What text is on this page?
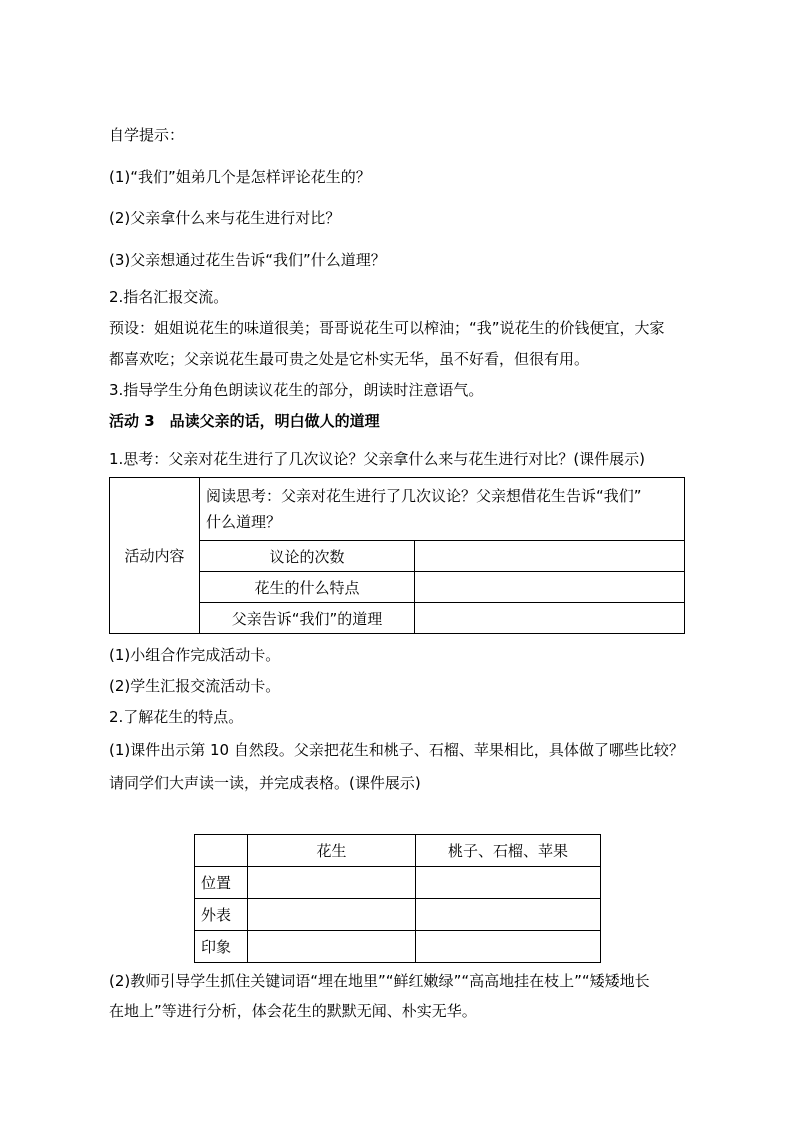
自学提示：
(1)“我们”姐弟几个是怎样评论花生的？
(2)父亲拿什么来与花生进行对比？
(3)父亲想通过花生告诉“我们”什么道理？
2.指名汇报交流。
预设：姐姐说花生的味道很美；哥哥说花生可以榨油；“我”说花生的价钱便宜，大家
都喜欢吃；父亲说花生最可贵之处是它朴实无华，虽不好看，但很有用。
3.指导学生分角色朗读议花生的部分，朗读时注意语气。
活动 3　品读父亲的话，明白做人的道理
1.思考：父亲对花生进行了几次议论？父亲拿什么来与花生进行对比？(课件展示)
活动内容	阅读思考：父亲对花生进行了几次议论？父亲想借花生告诉“我们”
什么道理？	

	议论的次数	
	花生的什么特点	
	父亲告诉“我们”的道理	
(1)小组合作完成活动卡。
(2)学生汇报交流活动卡。
2.了解花生的特点。
(1)课件出示第 10 自然段。父亲把花生和桃子、石榴、苹果相比，具体做了哪些比较？
请同学们大声读一读，并完成表格。(课件展示)
	花生	桃子、石榴、苹果
位置		
外表		
印象		
(2)教师引导学生抓住关键词语“埋在地里”“鲜红嫩绿”“高高地挂在枝上”“矮矮地长
在地上”等进行分析，体会花生的默默无闻、朴实无华。
